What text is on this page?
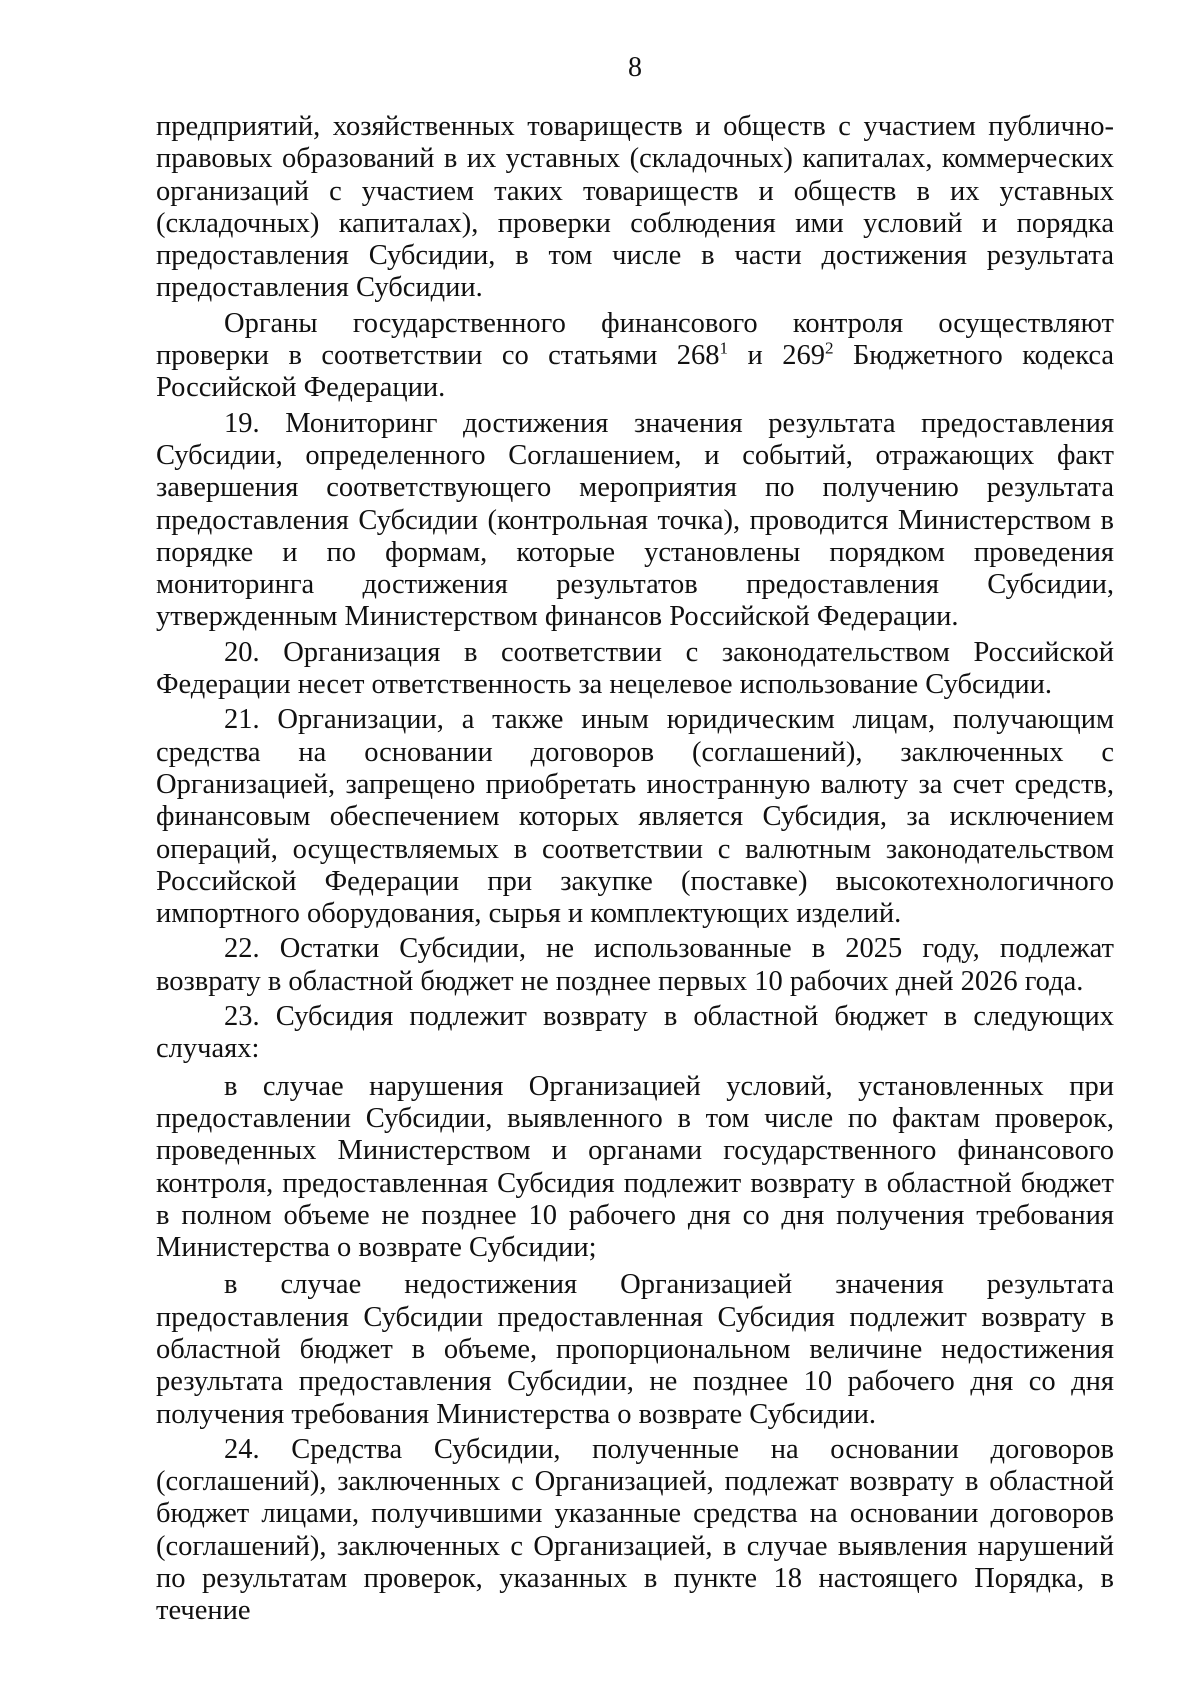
8

предприятий, хозяйственных товариществ и обществ с участием публично-правовых образований в их уставных (складочных) капиталах, коммерческих организаций с участием таких товариществ и обществ в их уставных (складочных) капиталах), проверки соблюдения ими условий и порядка предоставления Субсидии, в том числе в части достижения результата предоставления Субсидии.

Органы государственного финансового контроля осуществляют проверки в соответствии со статьями $268^1$ и $269^2$ Бюджетного кодекса Российской Федерации.

19. Мониторинг достижения значения результата предоставления Субсидии, определенного Соглашением, и событий, отражающих факт завершения соответствующего мероприятия по получению результата предоставления Субсидии (контрольная точка), проводится Министерством в порядке и по формам, которые установлены порядком проведения мониторинга достижения результатов предоставления Субсидии, утвержденным Министерством финансов Российской Федерации.

20. Организация в соответствии с законодательством Российской Федерации несет ответственность за нецелевое использование Субсидии.

21. Организации, а также иным юридическим лицам, получающим средства на основании договоров (соглашений), заключенных с Организацией, запрещено приобретать иностранную валюту за счет средств, финансовым обеспечением которых является Субсидия, за исключением операций, осуществляемых в соответствии с валютным законодательством Российской Федерации при закупке (поставке) высокотехнологичного импортного оборудования, сырья и комплектующих изделий.

22. Остатки Субсидии, не использованные в 2025 году, подлежат возврату в областной бюджет не позднее первых 10 рабочих дней 2026 года.

23. Субсидия подлежит возврату в областной бюджет в следующих случаях:

в случае нарушения Организацией условий, установленных при предоставлении Субсидии, выявленного в том числе по фактам проверок, проведенных Министерством и органами государственного финансового контроля, предоставленная Субсидия подлежит возврату в областной бюджет в полном объеме не позднее 10 рабочего дня со дня получения требования Министерства о возврате Субсидии;

в случае недостижения Организацией значения результата предоставления Субсидии предоставленная Субсидия подлежит возврату в областной бюджет в объеме, пропорциональном величине недостижения результата предоставления Субсидии, не позднее 10 рабочего дня со дня получения требования Министерства о возврате Субсидии.

24. Средства Субсидии, полученные на основании договоров (соглашений), заключенных с Организацией, подлежат возврату в областной бюджет лицами, получившими указанные средства на основании договоров (соглашений), заключенных с Организацией, в случае выявления нарушений по результатам проверок, указанных в пункте 18 настоящего Порядка, в течение
